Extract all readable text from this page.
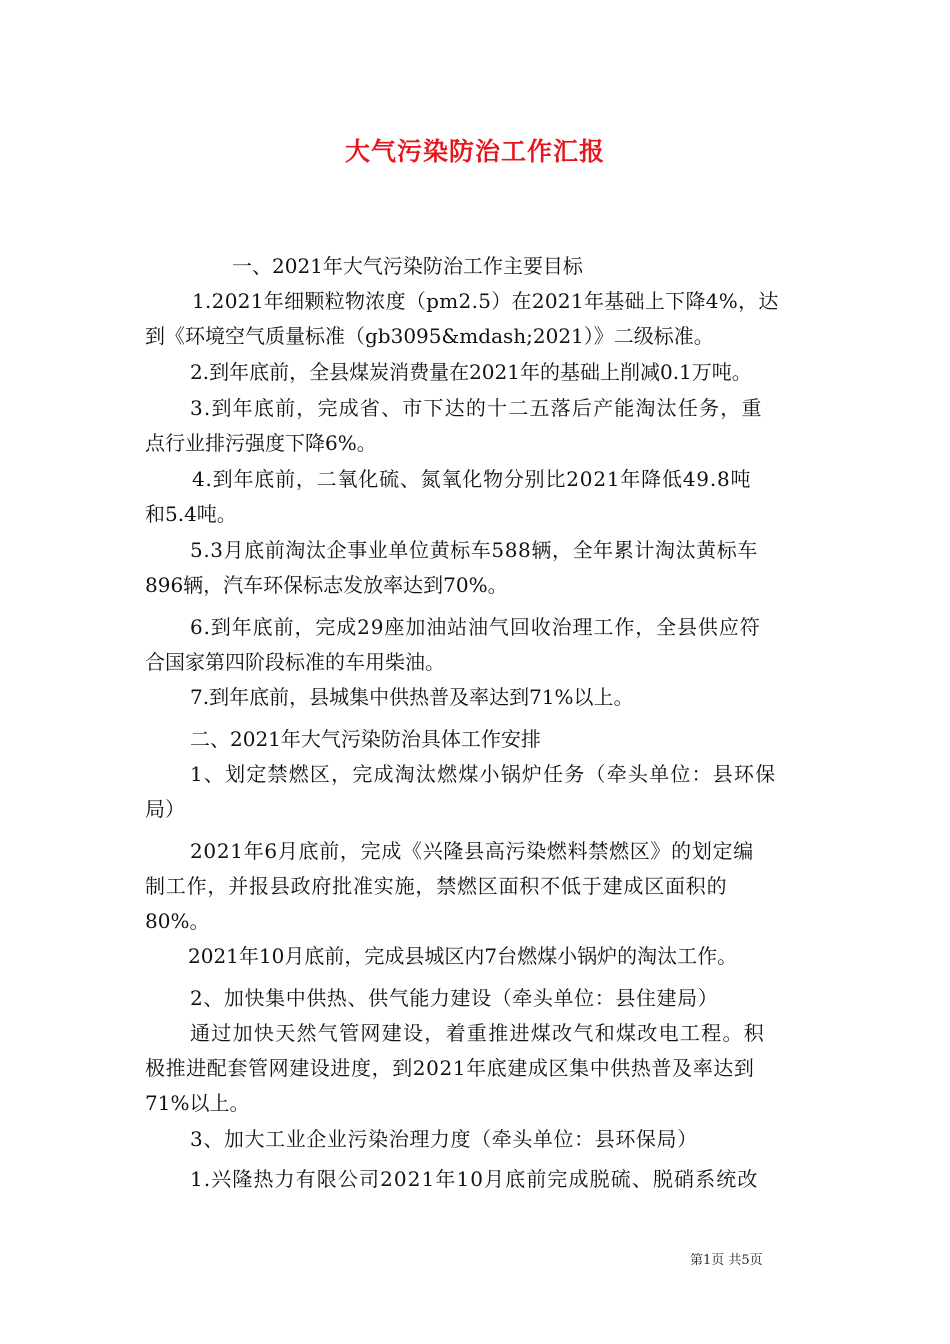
大气污染防治工作汇报
一、2021年大气污染防治工作主要目标
1.2021年细颗粒物浓度（pm2.5）在2021年基础上下降4%，达
到《环境空气质量标准（gb3095&mdash;2021）》二级标准。
2.到年底前，全县煤炭消费量在2021年的基础上削减0.1万吨。
3.到年底前，完成省、市下达的十二五落后产能淘汰任务，重
点行业排污强度下降6%。
4.到年底前，二氧化硫、氮氧化物分别比2021年降低49.8吨
和5.4吨。
5.3月底前淘汰企事业单位黄标车588辆，全年累计淘汰黄标车
896辆，汽车环保标志发放率达到70%。
6.到年底前，完成29座加油站油气回收治理工作，全县供应符
合国家第四阶段标准的车用柴油。
7.到年底前，县城集中供热普及率达到71%以上。
二、2021年大气污染防治具体工作安排
1、划定禁燃区，完成淘汰燃煤小锅炉任务（牵头单位：县环保
局）
2021年6月底前，完成《兴隆县高污染燃料禁燃区》的划定编
制工作，并报县政府批准实施，禁燃区面积不低于建成区面积的
80%。
2021年10月底前，完成县城区内7台燃煤小锅炉的淘汰工作。
2、加快集中供热、供气能力建设（牵头单位：县住建局）
通过加快天然气管网建设，着重推进煤改气和煤改电工程。积
极推进配套管网建设进度，到2021年底建成区集中供热普及率达到
71%以上。
3、加大工业企业污染治理力度（牵头单位：县环保局）
1.兴隆热力有限公司2021年10月底前完成脱硫、脱硝系统改
第1页 共5页
